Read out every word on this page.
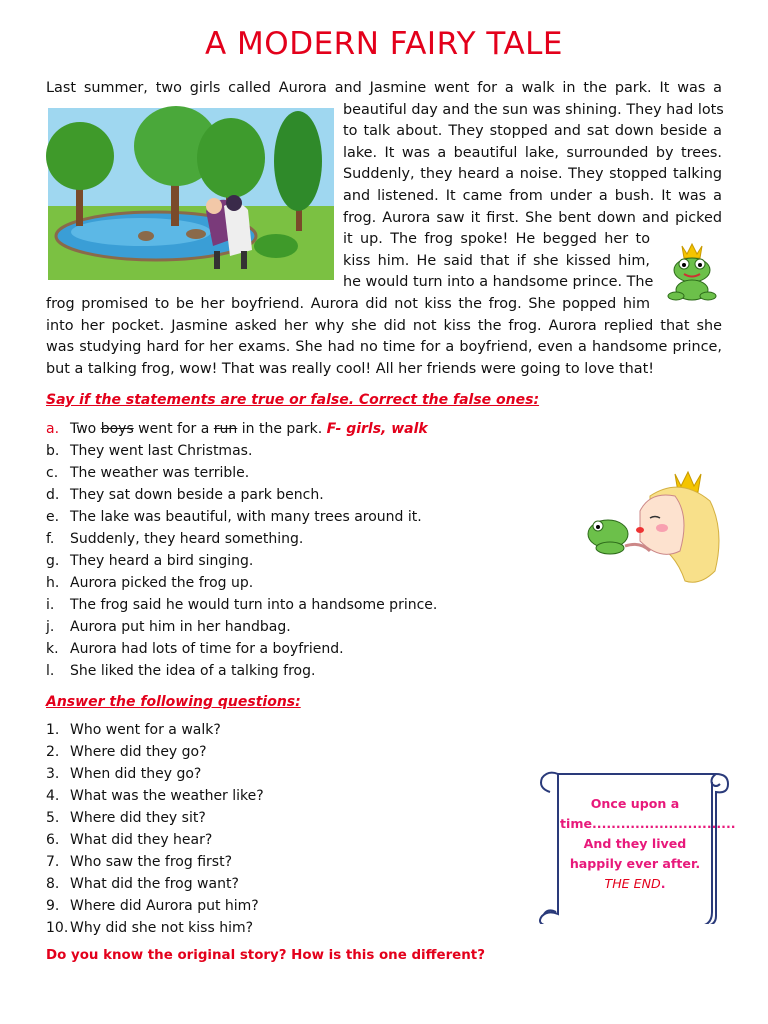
A MODERN FAIRY TALE
Last summer, two girls called Aurora and Jasmine went for a walk in the park. It was a
beautiful day and the sun was shining. They had lots
to talk about. They stopped and sat down beside a
lake. It was a beautiful lake, surrounded by trees.
Suddenly, they heard a noise. They stopped talking
and listened. It came from under a bush. It was a
frog. Aurora saw it first. She bent down and picked
it up. The frog spoke! He begged her to
kiss him. He said that if she kissed him,
he would turn into a handsome prince. The
frog promised to be her boyfriend. Aurora did not kiss the frog. She popped him
into her pocket. Jasmine asked her why she did not kiss the frog. Aurora replied that she
was studying hard for her exams. She had no time for a boyfriend, even a handsome prince,
but a talking frog, wow! That was really cool! All her friends were going to love that!
Say if the statements are true or false. Correct the false ones:
a. Two boys went for a run in the park. F- girls, walk
b. They went last Christmas.
c. The weather was terrible.
d. They sat down beside a park bench.
e. The lake was beautiful, with many trees around it.
f. Suddenly, they heard something.
g. They heard a bird singing.
h. Aurora picked the frog up.
i. The frog said he would turn into a handsome prince.
j. Aurora put him in her handbag.
k. Aurora had lots of time for a boyfriend.
l. She liked the idea of a talking frog.
Answer the following questions:
1. Who went for a walk?
2. Where did they go?
3. When did they go?
4. What was the weather like?
5. Where did they sit?
6. What did they hear?
7. Who saw the frog first?
8. What did the frog want?
9. Where did Aurora put him?
10. Why did she not kiss him?
Once upon a
time..............................
And they lived
happily ever after.
THE END.
Do you know the original story? How is this one different?
